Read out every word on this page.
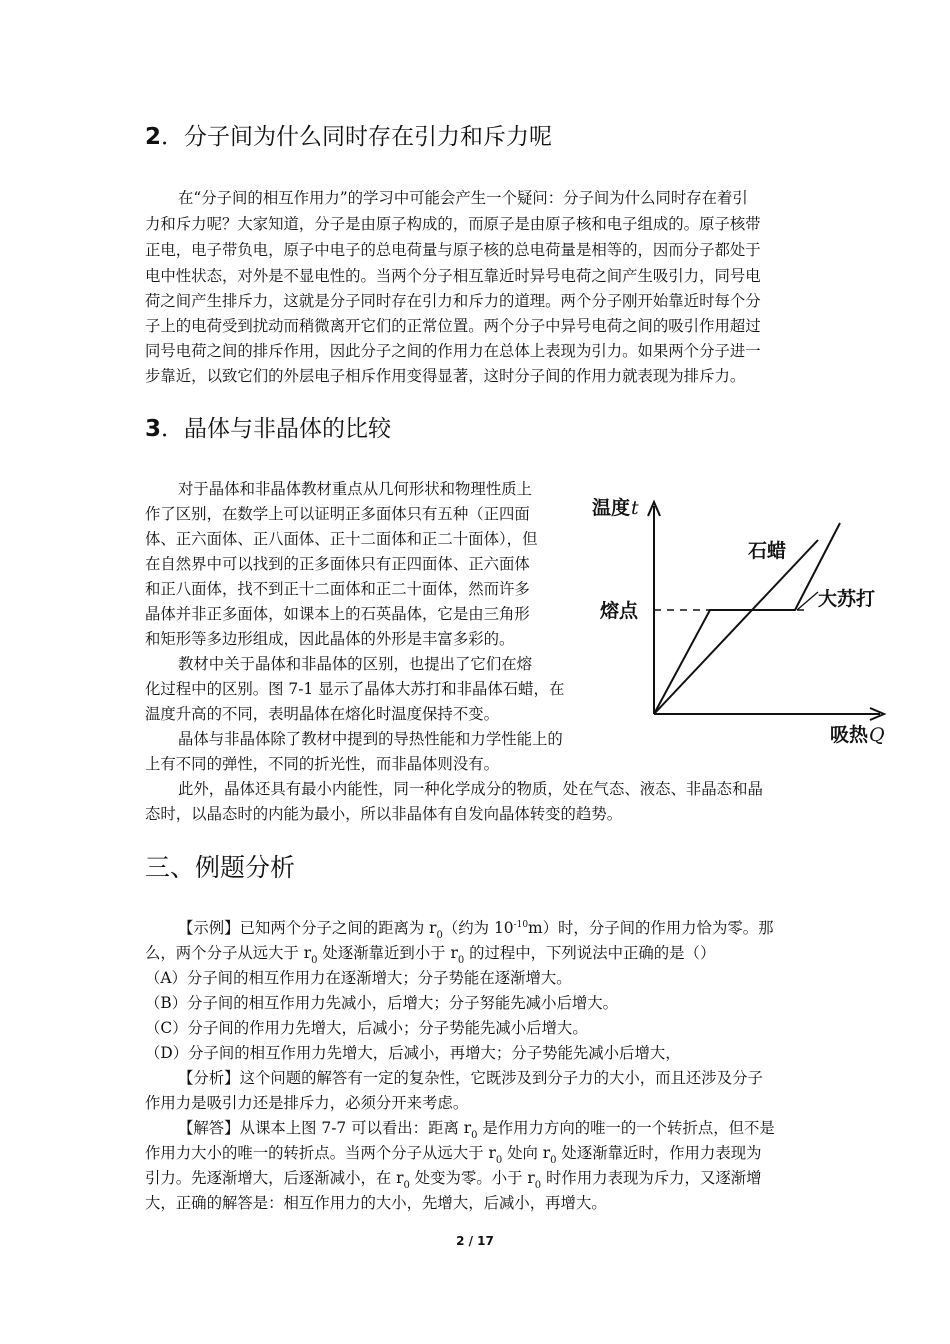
2．分子间为什么同时存在引力和斥力呢
在“分子间的相互作用力”的学习中可能会产生一个疑问：分子间为什么同时存在着引
力和斥力呢？大家知道，分子是由原子构成的，而原子是由原子核和电子组成的。原子核带
正电，电子带负电，原子中电子的总电荷量与原子核的总电荷量是相等的，因而分子都处于
电中性状态，对外是不显电性的。当两个分子相互靠近时异号电荷之间产生吸引力，同号电
荷之间产生排斥力，这就是分子同时存在引力和斥力的道理。两个分子刚开始靠近时每个分
子上的电荷受到扰动而稍微离开它们的正常位置。两个分子中异号电荷之间的吸引作用超过
同号电荷之间的排斥作用，因此分子之间的作用力在总体上表现为引力。如果两个分子进一
步靠近，以致它们的外层电子相斥作用变得显著，这时分子间的作用力就表现为排斥力。
3．晶体与非晶体的比较
对于晶体和非晶体教材重点从几何形状和物理性质上
作了区别，在数学上可以证明正多面体只有五种（正四面
体、正六面体、正八面体、正十二面体和正二十面体），但
在自然界中可以找到的正多面体只有正四面体、正六面体
和正八面体，找不到正十二面体和正二十面体，然而许多
晶体并非正多面体，如课本上的石英晶体，它是由三角形
和矩形等多边形组成，因此晶体的外形是丰富多彩的。
教材中关于晶体和非晶体的区别，也提出了它们在熔
化过程中的区别。图 7-1 显示了晶体大苏打和非晶体石蜡，在
温度升高的不同，表明晶体在熔化时温度保持不变。
晶体与非晶体除了教材中提到的导热性能和力学性能上的
上有不同的弹性，不同的折光性，而非晶体则没有。
此外，晶体还具有最小内能性，同一种化学成分的物质，处在气态、液态、非晶态和晶
态时，以晶态时的内能为最小，所以非晶体有自发向晶体转变的趋势。
温度 t
熔点
石蜡
大苏打
吸热 Q
三、例题分析
【示例】已知两个分子之间的距离为 $r_0$（约为 $10^{-10}m$）时，分子间的作用力恰为零。那
么，两个分子从远大于 $r_0$ 处逐渐靠近到小于 $r_0$ 的过程中，下列说法中正确的是（）
（A）分子间的相互作用力在逐渐增大；分子势能在逐渐增大。
（B）分子间的相互作用力先减小，后增大；分子努能先减小后增大。
（C）分子间的作用力先增大，后减小；分子势能先减小后增大。
（D）分子间的相互作用力先增大，后减小，再增大；分子势能先减小后增大，
【分析】这个问题的解答有一定的复杂性，它既涉及到分子力的大小，而且还涉及分子
作用力是吸引力还是排斥力，必须分开来考虑。
【解答】从课本上图 7-7 可以看出：距离 $r_0$ 是作用力方向的唯一的一个转折点，但不是
作用力大小的唯一的转折点。当两个分子从远大于 $r_0$ 处向 $r_0$ 处逐渐靠近时，作用力表现为
引力。先逐渐增大，后逐渐减小，在 $r_0$ 处变为零。小于 $r_0$ 时作用力表现为斥力，又逐渐增
大，正确的解答是：相互作用力的大小，先增大，后减小，再增大。
2 / 17
